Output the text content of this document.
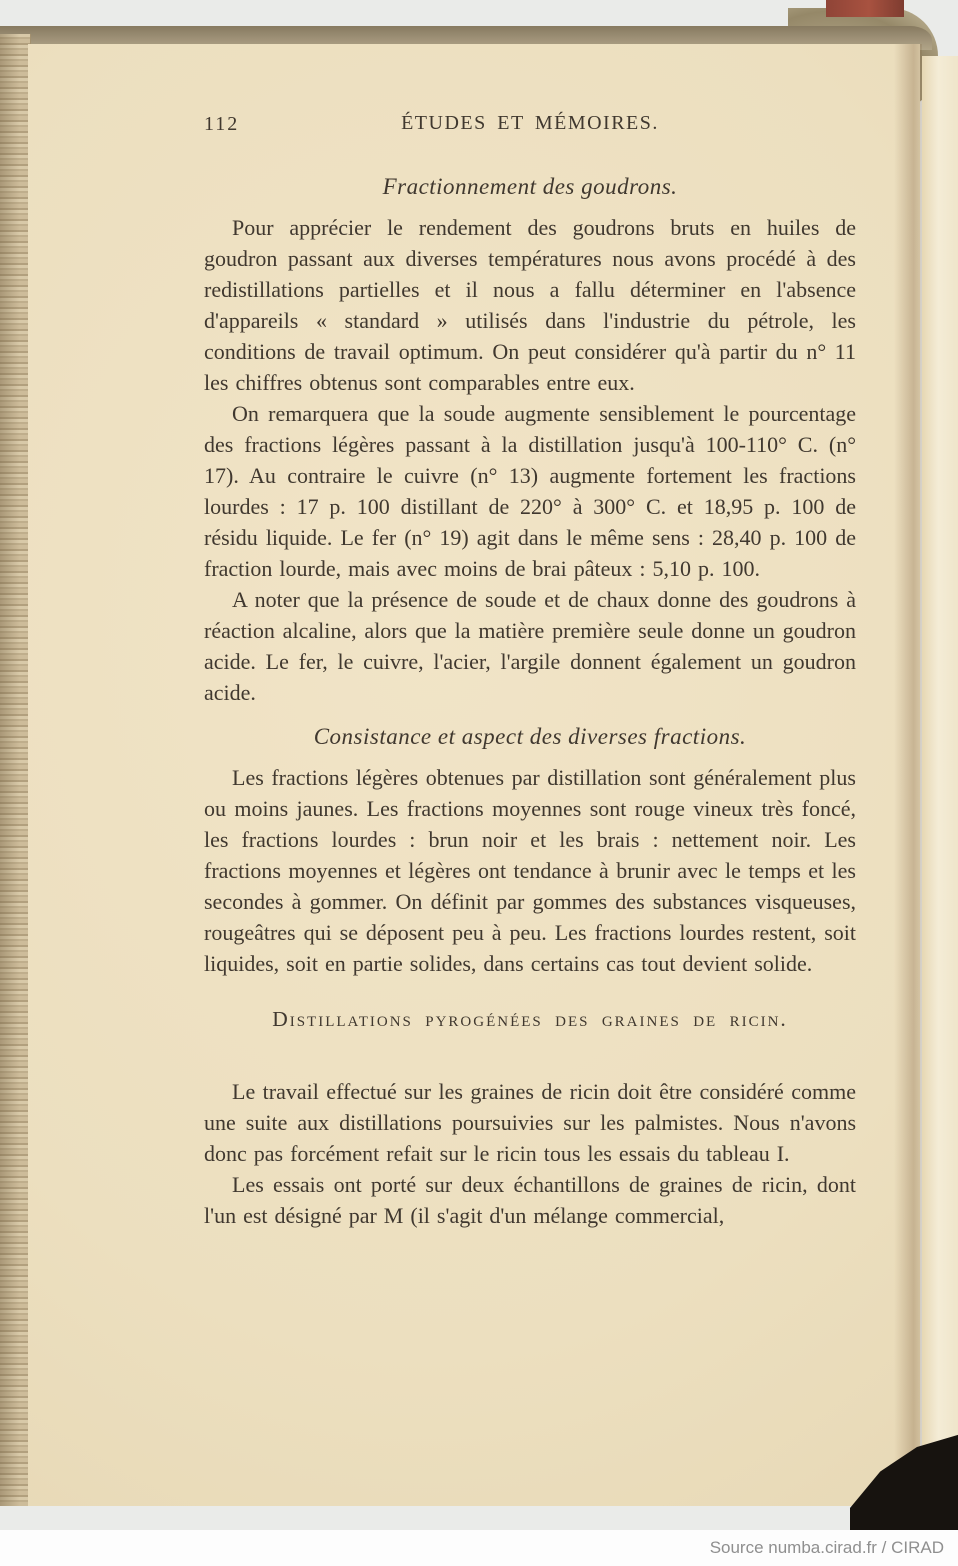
112	ÉTUDES ET MÉMOIRES.
Fractionnement des goudrons.

Pour apprécier le rendement des goudrons bruts en huiles de goudron passant aux diverses températures nous avons procédé à des redistillations partielles et il nous a fallu déterminer en l'absence d'appareils « standard » utilisés dans l'industrie du pétrole, les conditions de travail optimum. On peut considérer qu'à partir du n° 11 les chiffres obtenus sont comparables entre eux.

On remarquera que la soude augmente sensiblement le pourcentage des fractions légères passant à la distillation jusqu'à 100-110° C. (n° 17). Au contraire le cuivre (n° 13) augmente fortement les fractions lourdes : 17 p. 100 distillant de 220° à 300° C. et 18,95 p. 100 de résidu liquide. Le fer (n° 19) agit dans le même sens : 28,40 p. 100 de fraction lourde, mais avec moins de brai pâteux : 5,10 p. 100.

A noter que la présence de soude et de chaux donne des goudrons à réaction alcaline, alors que la matière première seule donne un goudron acide. Le fer, le cuivre, l'acier, l'argile donnent également un goudron acide.

Consistance et aspect des diverses fractions.

Les fractions légères obtenues par distillation sont généralement plus ou moins jaunes. Les fractions moyennes sont rouge vineux très foncé, les fractions lourdes : brun noir et les brais : nettement noir. Les fractions moyennes et légères ont tendance à brunir avec le temps et les secondes à gommer. On définit par gommes des substances visqueuses, rougeâtres qui se déposent peu à peu. Les fractions lourdes restent, soit liquides, soit en partie solides, dans certains cas tout devient solide.

Distillations pyrogénées des graines de ricin.

Le travail effectué sur les graines de ricin doit être considéré comme une suite aux distillations poursuivies sur les palmistes. Nous n'avons donc pas forcément refait sur le ricin tous les essais du tableau I.

Les essais ont porté sur deux échantillons de graines de ricin, dont l'un est désigné par M (il s'agit d'un mélange commercial,

Source numba.cirad.fr / CIRAD
